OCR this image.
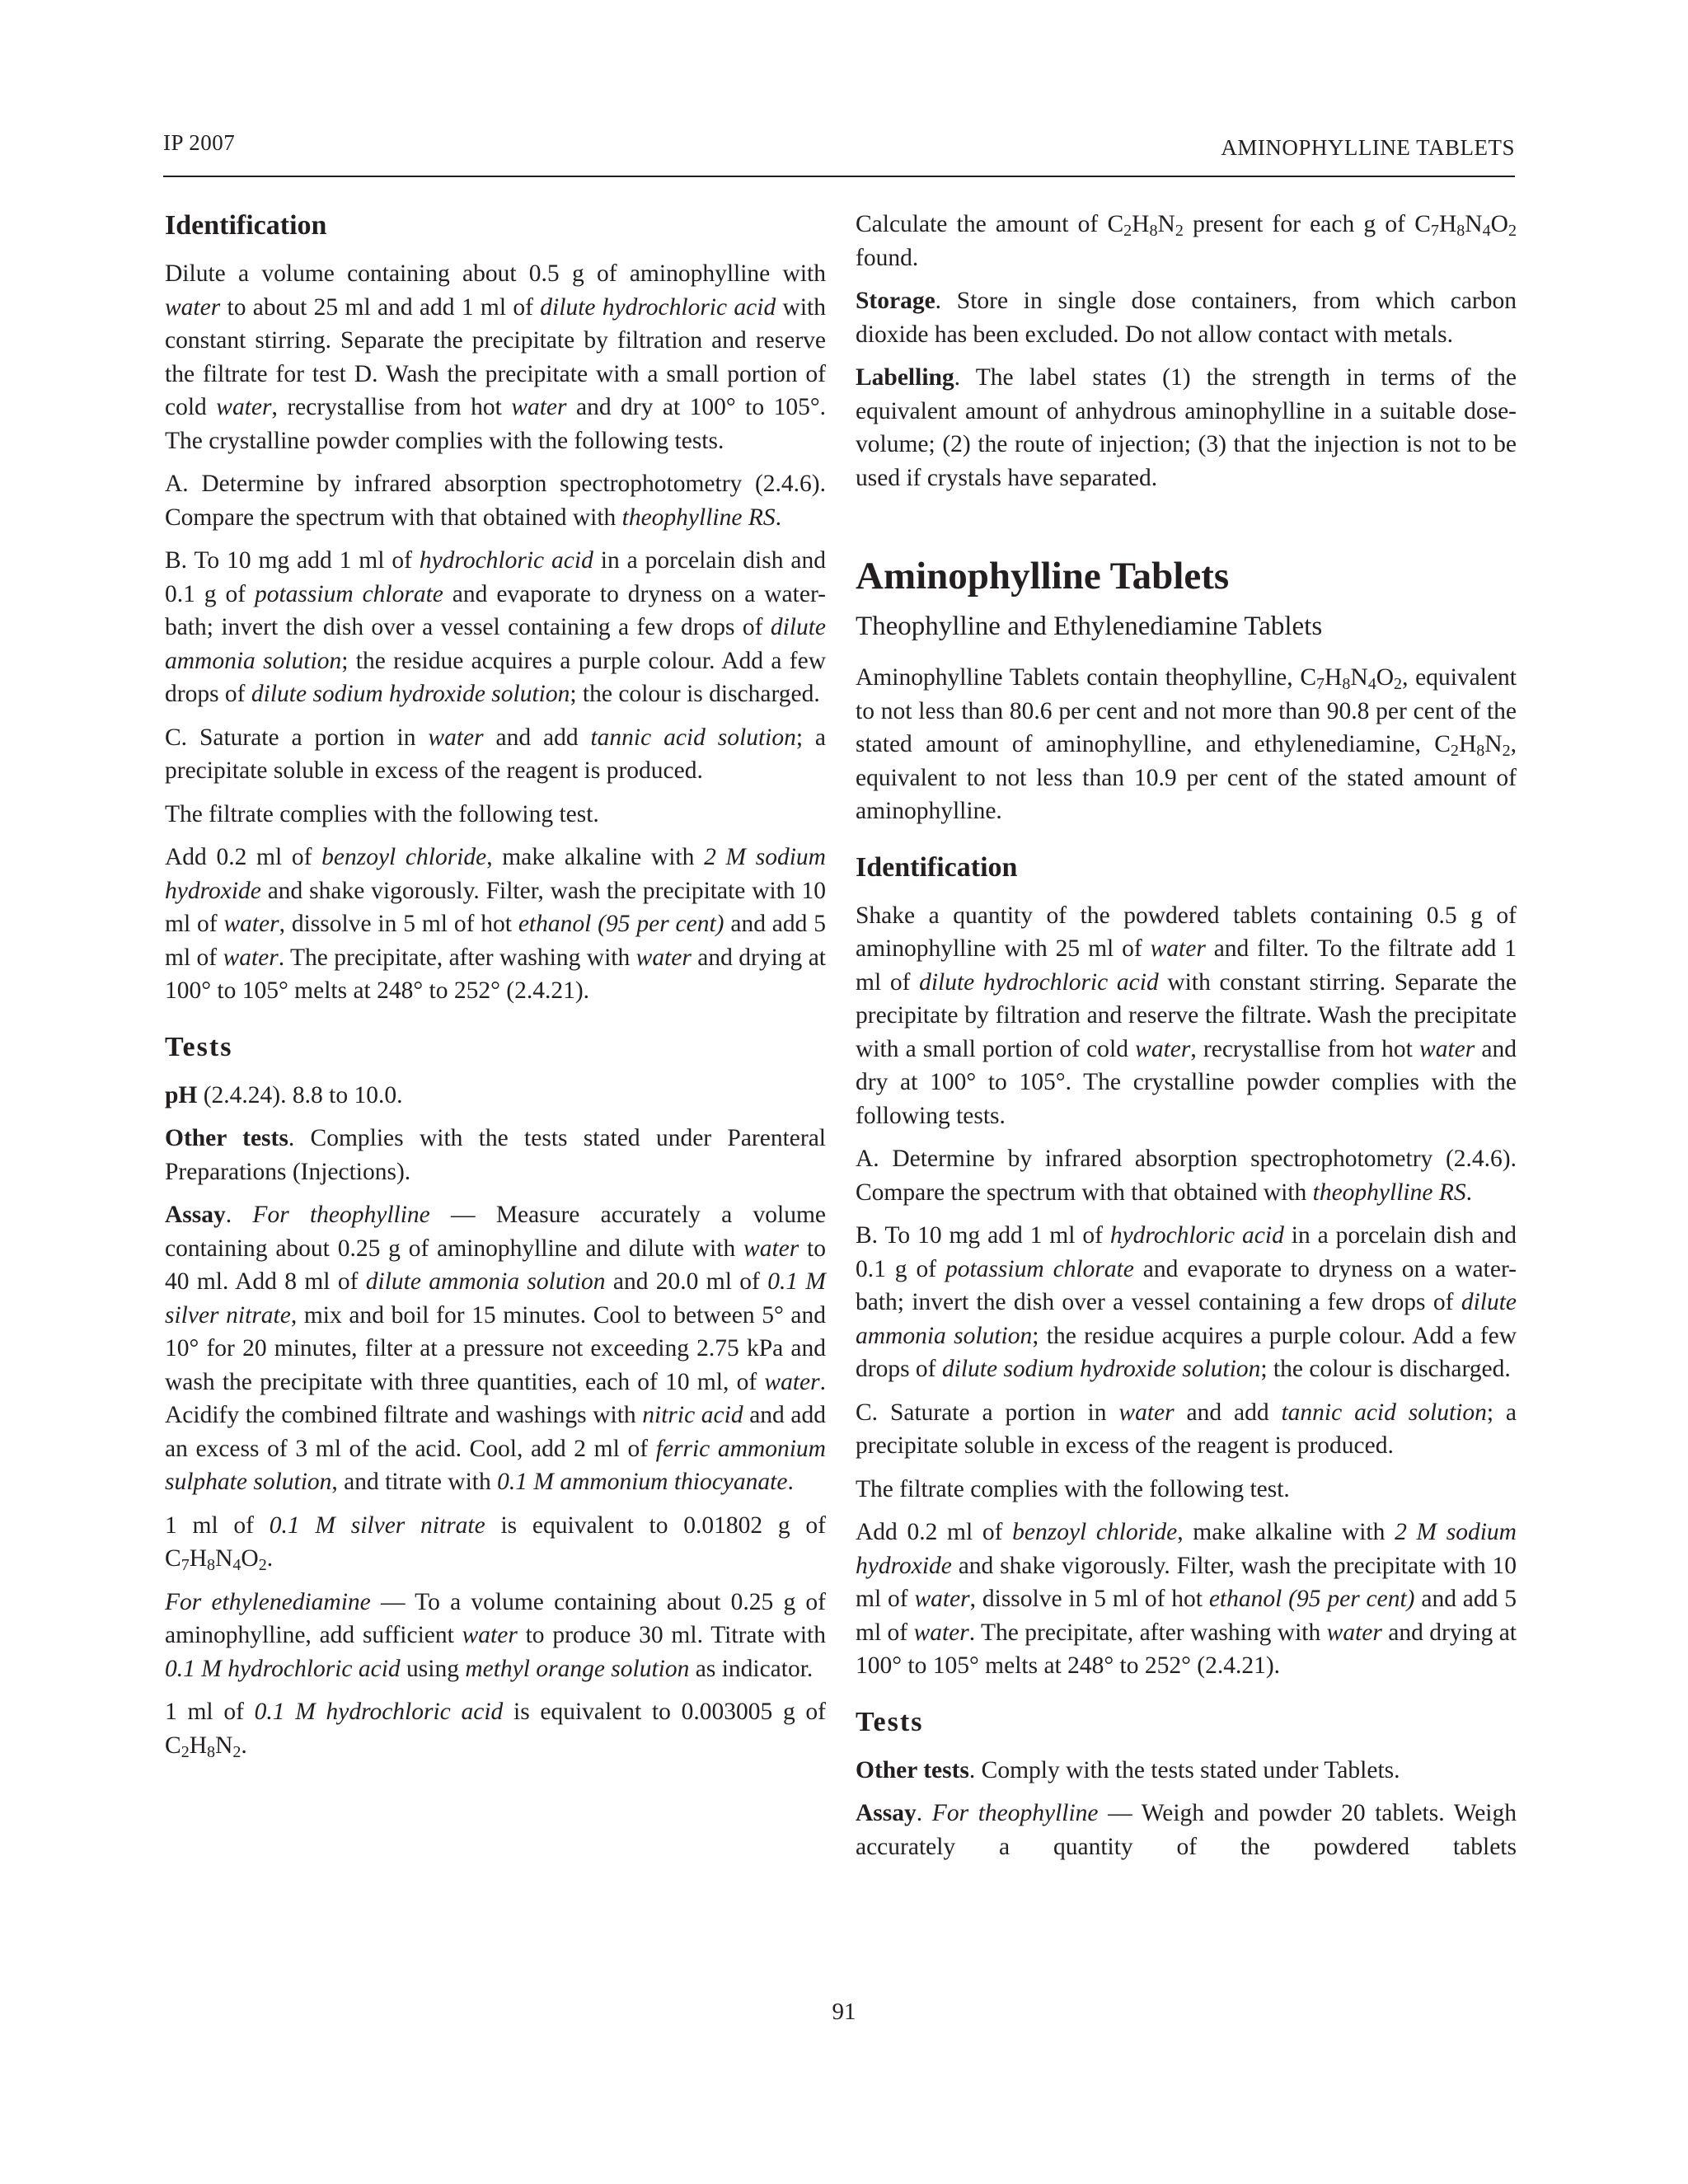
IP 2007	AMINOPHYLLINE TABLETS
Identification

Dilute a volume containing about 0.5 g of aminophylline with water to about 25 ml and add 1 ml of dilute hydrochloric acid with constant stirring. Separate the precipitate by filtration and reserve the filtrate for test D. Wash the precipitate with a small portion of cold water, recrystallise from hot water and dry at 100° to 105°. The crystalline powder complies with the following tests.

A. Determine by infrared absorption spectrophotometry (2.4.6). Compare the spectrum with that obtained with theophylline RS.

B. To 10 mg add 1 ml of hydrochloric acid in a porcelain dish and 0.1 g of potassium chlorate and evaporate to dryness on a water-bath; invert the dish over a vessel containing a few drops of dilute ammonia solution; the residue acquires a purple colour. Add a few drops of dilute sodium hydroxide solution; the colour is discharged.

C. Saturate a portion in water and add tannic acid solution; a precipitate soluble in excess of the reagent is produced.

The filtrate complies with the following test.

Add 0.2 ml of benzoyl chloride, make alkaline with 2 M sodium hydroxide and shake vigorously. Filter, wash the precipitate with 10 ml of water, dissolve in 5 ml of hot ethanol (95 per cent) and add 5 ml of water. The precipitate, after washing with water and drying at 100° to 105° melts at 248° to 252° (2.4.21).

Tests

pH (2.4.24). 8.8 to 10.0.

Other tests. Complies with the tests stated under Parenteral Preparations (Injections).

Assay. For theophylline — Measure accurately a volume containing about 0.25 g of aminophylline and dilute with water to 40 ml. Add 8 ml of dilute ammonia solution and 20.0 ml of 0.1 M silver nitrate, mix and boil for 15 minutes. Cool to between 5° and 10° for 20 minutes, filter at a pressure not exceeding 2.75 kPa and wash the precipitate with three quantities, each of 10 ml, of water. Acidify the combined filtrate and washings with nitric acid and add an excess of 3 ml of the acid. Cool, add 2 ml of ferric ammonium sulphate solution, and titrate with 0.1 M ammonium thiocyanate.

1 ml of 0.1 M silver nitrate is equivalent to 0.01802 g of $C_7H_8N_4O_2$.

For ethylenediamine — To a volume containing about 0.25 g of aminophylline, add sufficient water to produce 30 ml. Titrate with 0.1 M hydrochloric acid using methyl orange solution as indicator.

1 ml of 0.1 M hydrochloric acid is equivalent to 0.003005 g of $C_2H_8N_2$.

Calculate the amount of $C_2H_8N_2$ present for each g of $C_7H_8N_4O_2$ found.

Storage. Store in single dose containers, from which carbon dioxide has been excluded. Do not allow contact with metals.

Labelling. The label states (1) the strength in terms of the equivalent amount of anhydrous aminophylline in a suitable dose-volume; (2) the route of injection; (3) that the injection is not to be used if crystals have separated.

Aminophylline Tablets
Theophylline and Ethylenediamine Tablets

Aminophylline Tablets contain theophylline, $C_7H_8N_4O_2$, equivalent to not less than 80.6 per cent and not more than 90.8 per cent of the stated amount of aminophylline, and ethylenediamine, $C_2H_8N_2$, equivalent to not less than 10.9 per cent of the stated amount of aminophylline.

Identification

Shake a quantity of the powdered tablets containing 0.5 g of aminophylline with 25 ml of water and filter. To the filtrate add 1 ml of dilute hydrochloric acid with constant stirring. Separate the precipitate by filtration and reserve the filtrate. Wash the precipitate with a small portion of cold water, recrystallise from hot water and dry at 100° to 105°. The crystalline powder complies with the following tests.

A. Determine by infrared absorption spectrophotometry (2.4.6). Compare the spectrum with that obtained with theophylline RS.

B. To 10 mg add 1 ml of hydrochloric acid in a porcelain dish and 0.1 g of potassium chlorate and evaporate to dryness on a water-bath; invert the dish over a vessel containing a few drops of dilute ammonia solution; the residue acquires a purple colour. Add a few drops of dilute sodium hydroxide solution; the colour is discharged.

C. Saturate a portion in water and add tannic acid solution; a precipitate soluble in excess of the reagent is produced.

The filtrate complies with the following test.

Add 0.2 ml of benzoyl chloride, make alkaline with 2 M sodium hydroxide and shake vigorously. Filter, wash the precipitate with 10 ml of water, dissolve in 5 ml of hot ethanol (95 per cent) and add 5 ml of water. The precipitate, after washing with water and drying at 100° to 105° melts at 248° to 252° (2.4.21).

Tests

Other tests. Comply with the tests stated under Tablets.

Assay. For theophylline — Weigh and powder 20 tablets. Weigh accurately a quantity of the powdered tablets

91
